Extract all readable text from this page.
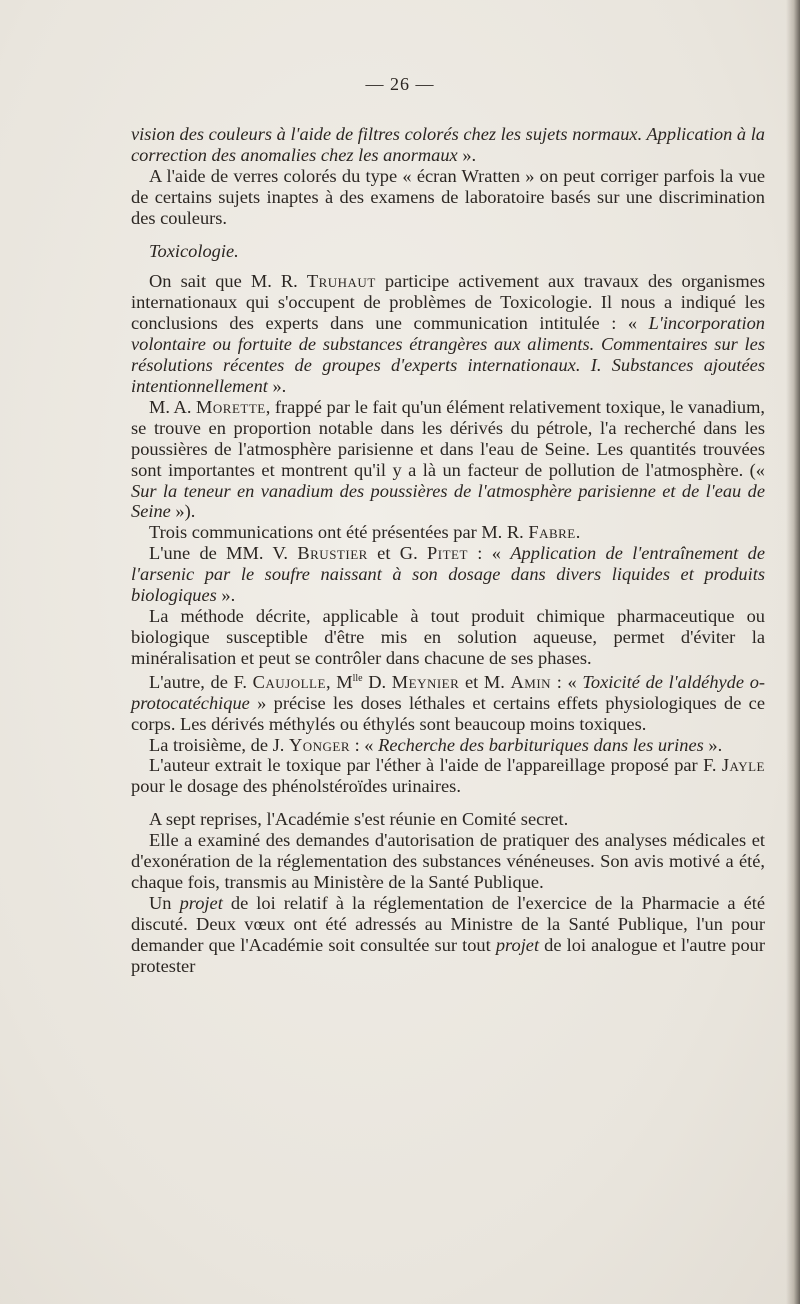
— 26 —

vision des couleurs à l'aide de filtres colorés chez les sujets normaux. Application à la correction des anomalies chez les anormaux ».

A l'aide de verres colorés du type « écran Wratten » on peut corriger parfois la vue de certains sujets inaptes à des examens de laboratoire basés sur une discrimination des couleurs.

Toxicologie.

On sait que M. R. Truhaut participe activement aux travaux des organismes internationaux qui s'occupent de problèmes de Toxicologie. Il nous a indiqué les conclusions des experts dans une communication intitulée : « L'incorporation volontaire ou fortuite de substances étrangères aux aliments. Commentaires sur les résolutions récentes de groupes d'experts internationaux. I. Substances ajoutées intentionnellement ».

M. A. Morette, frappé par le fait qu'un élément relativement toxique, le vanadium, se trouve en proportion notable dans les dérivés du pétrole, l'a recherché dans les poussières de l'atmosphère parisienne et dans l'eau de Seine. Les quantités trouvées sont importantes et montrent qu'il y a là un facteur de pollution de l'atmosphère. (« Sur la teneur en vanadium des poussières de l'atmosphère parisienne et de l'eau de Seine »).

Trois communications ont été présentées par M. R. Fabre.

L'une de MM. V. Brustier et G. Pitet : « Application de l'entraînement de l'arsenic par le soufre naissant à son dosage dans divers liquides et produits biologiques ».

La méthode décrite, applicable à tout produit chimique pharmaceutique ou biologique susceptible d'être mis en solution aqueuse, permet d'éviter la minéralisation et peut se contrôler dans chacune de ses phases.

L'autre, de F. Caujolle, $M^{lle}$ D. Meynier et M. Amin : « Toxicité de l'aldéhyde o-protocatéchique » précise les doses léthales et certains effets physiologiques de ce corps. Les dérivés méthylés ou éthylés sont beaucoup moins toxiques.

La troisième, de J. Yonger : « Recherche des barbituriques dans les urines ».

L'auteur extrait le toxique par l'éther à l'aide de l'appareillage proposé par F. Jayle pour le dosage des phénolstéroïdes urinaires.

A sept reprises, l'Académie s'est réunie en Comité secret.

Elle a examiné des demandes d'autorisation de pratiquer des analyses médicales et d'exonération de la réglementation des substances vénéneuses. Son avis motivé a été, chaque fois, transmis au Ministère de la Santé Publique.

Un projet de loi relatif à la réglementation de l'exercice de la Pharmacie a été discuté. Deux vœux ont été adressés au Ministre de la Santé Publique, l'un pour demander que l'Académie soit consultée sur tout projet de loi analogue et l'autre pour protester
